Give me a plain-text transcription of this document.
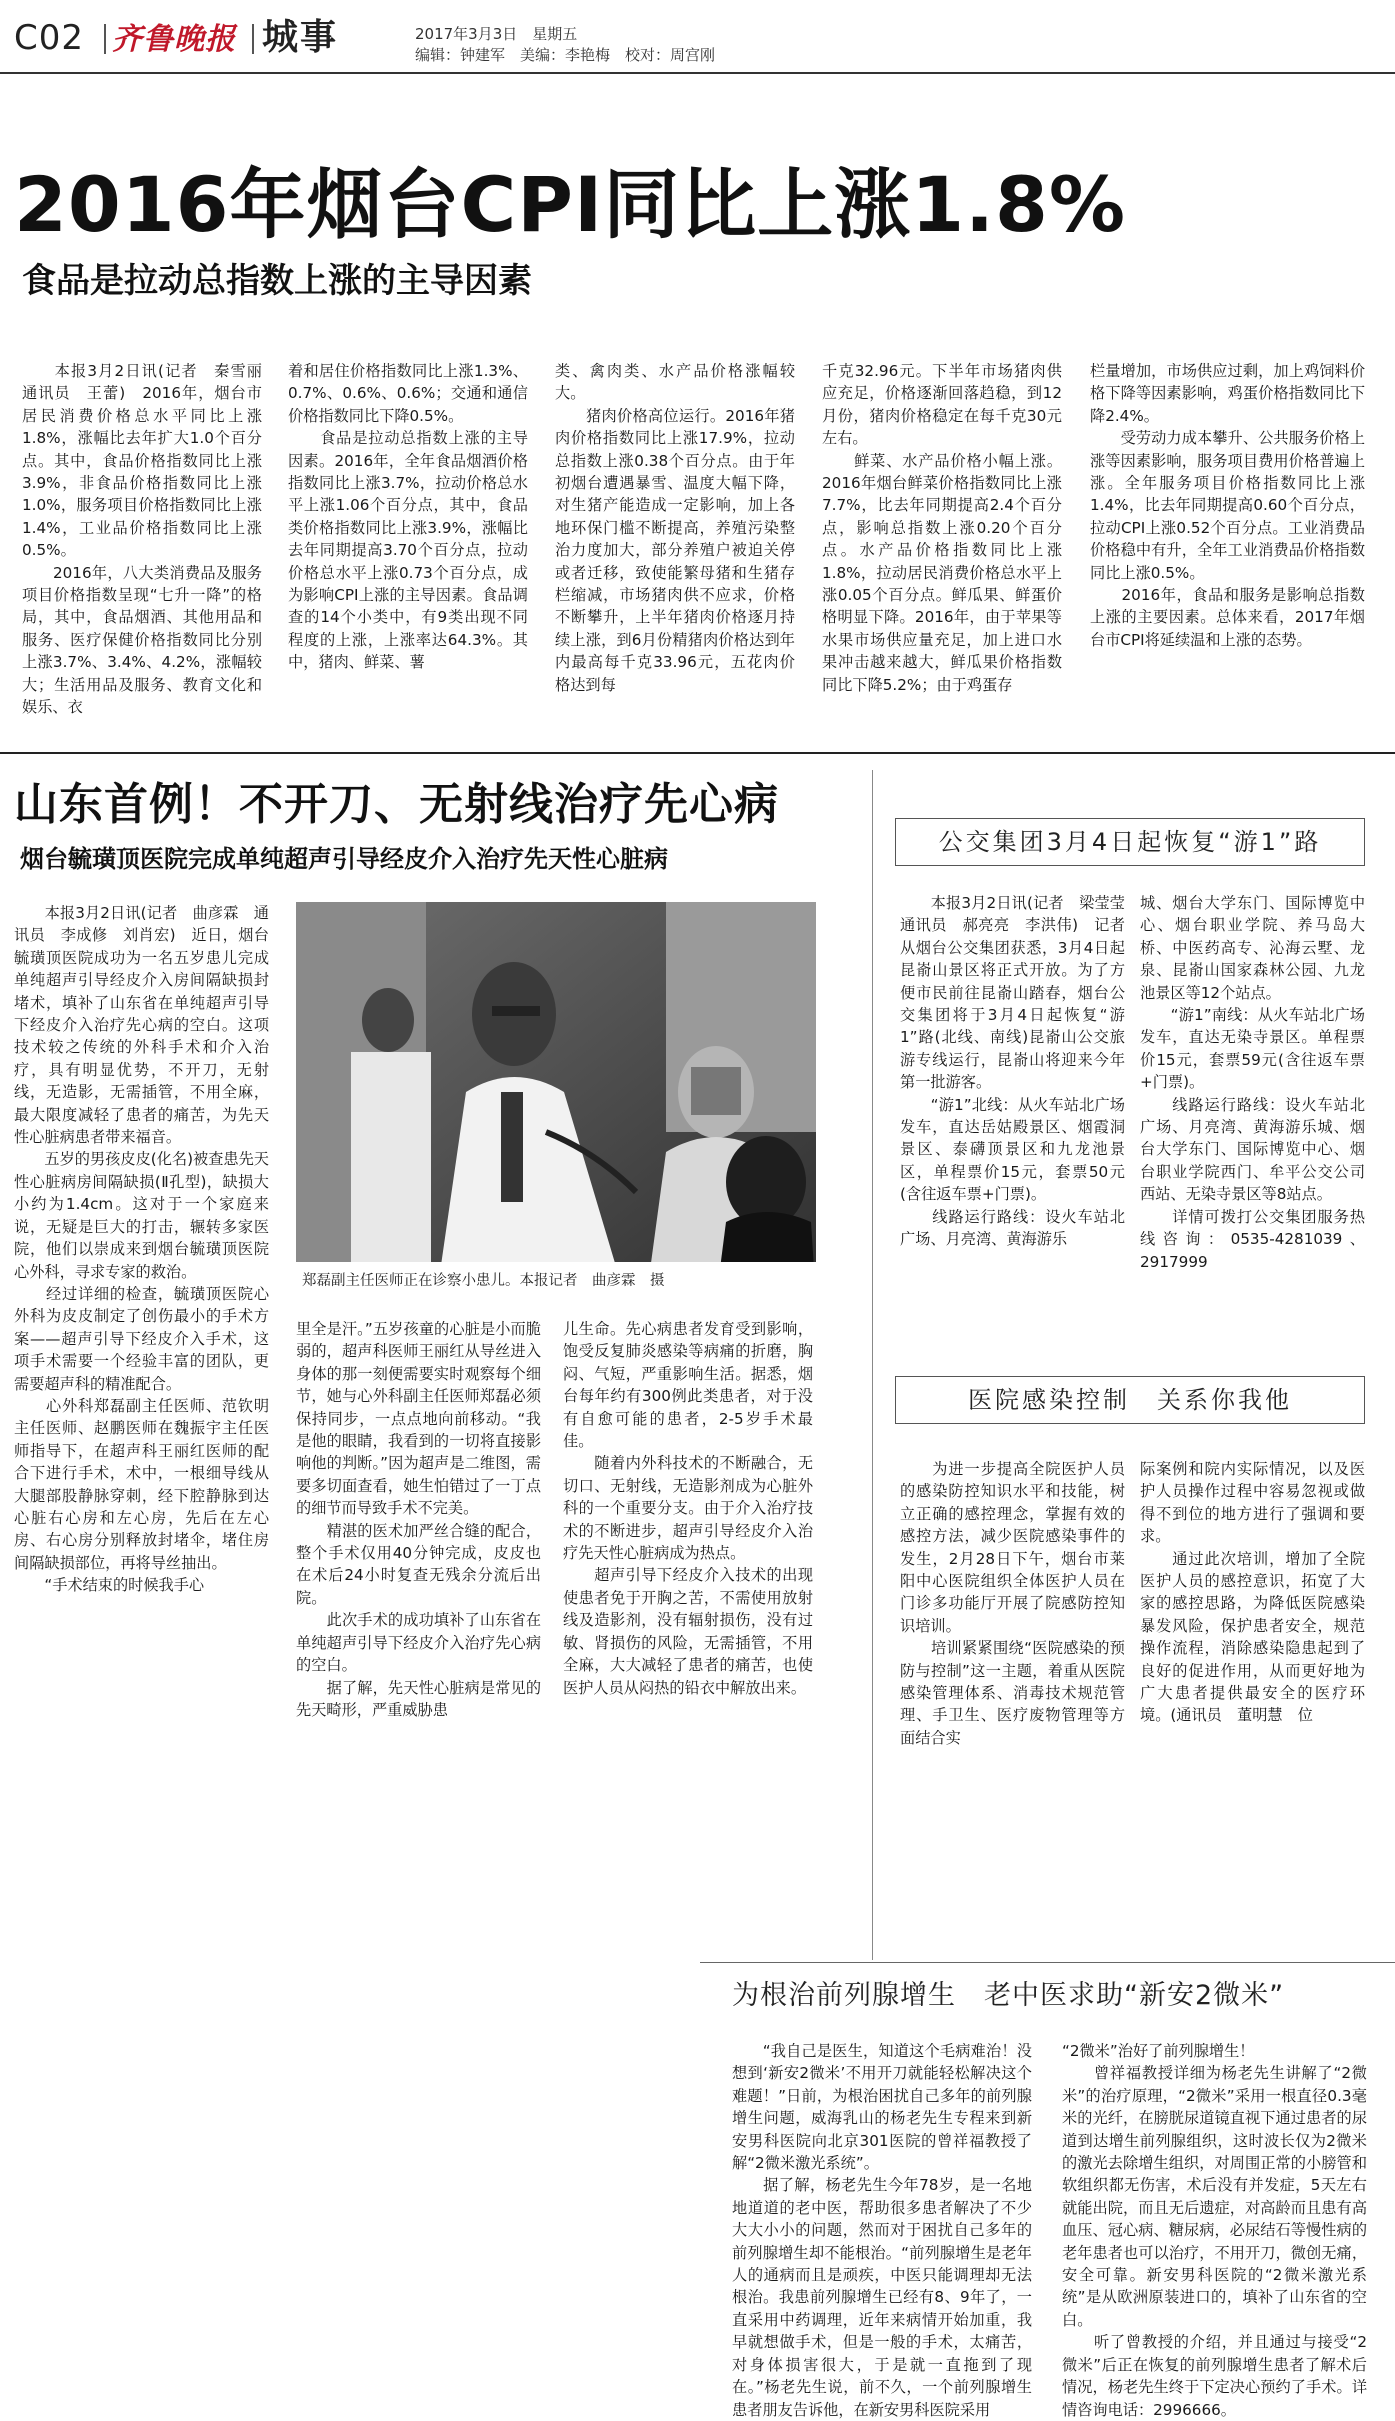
C02 齐鲁晚报 城事	2017年3月3日　星期五
编辑：钟建军　美编：李艳梅　校对：周宫刚
2016年烟台CPI同比上涨1.8%
食品是拉动总指数上涨的主导因素
　　本报3月2日讯(记者　秦雪丽　通讯员　王蕾)　2016年，烟台市居民消费价格总水平同比上涨1.8%，涨幅比去年扩大1.0个百分点。其中，食品价格指数同比上涨3.9%，非食品价格指数同比上涨1.0%，服务项目价格指数同比上涨1.4%，工业品价格指数同比上涨0.5%。
　　2016年，八大类消费品及服务项目价格指数呈现“七升一降”的格局，其中，食品烟酒、其他用品和服务、医疗保健价格指数同比分别上涨3.7%、3.4%、4.2%，涨幅较大；生活用品及服务、教育文化和娱乐、衣
着和居住价格指数同比上涨1.3%、0.7%、0.6%、0.6%；交通和通信价格指数同比下降0.5%。
　　食品是拉动总指数上涨的主导因素。2016年，全年食品烟酒价格指数同比上涨3.7%，拉动价格总水平上涨1.06个百分点，其中，食品类价格指数同比上涨3.9%，涨幅比去年同期提高3.70个百分点，拉动价格总水平上涨0.73个百分点，成为影响CPI上涨的主导因素。食品调查的14个小类中，有9类出现不同程度的上涨，上涨率达64.3%。其中，猪肉、鲜菜、薯
类、禽肉类、水产品价格涨幅较大。
　　猪肉价格高位运行。2016年猪肉价格指数同比上涨17.9%，拉动总指数上涨0.38个百分点。由于年初烟台遭遇暴雪、温度大幅下降，对生猪产能造成一定影响，加上各地环保门槛不断提高，养殖污染整治力度加大，部分养殖户被迫关停或者迁移，致使能繁母猪和生猪存栏缩减，市场猪肉供不应求，价格不断攀升，上半年猪肉价格逐月持续上涨，到6月份精猪肉价格达到年内最高每千克33.96元，五花肉价格达到每
千克32.96元。下半年市场猪肉供应充足，价格逐渐回落趋稳，到12月份，猪肉价格稳定在每千克30元左右。
　　鲜菜、水产品价格小幅上涨。2016年烟台鲜菜价格指数同比上涨7.7%，比去年同期提高2.4个百分点，影响总指数上涨0.20个百分点。水产品价格指数同比上涨1.8%，拉动居民消费价格总水平上涨0.05个百分点。鲜瓜果、鲜蛋价格明显下降。2016年，由于苹果等水果市场供应量充足，加上进口水果冲击越来越大，鲜瓜果价格指数同比下降5.2%；由于鸡蛋存
栏量增加，市场供应过剩，加上鸡饲料价格下降等因素影响，鸡蛋价格指数同比下降2.4%。
　　受劳动力成本攀升、公共服务价格上涨等因素影响，服务项目费用价格普遍上涨。全年服务项目价格指数同比上涨1.4%，比去年同期提高0.60个百分点，拉动CPI上涨0.52个百分点。工业消费品价格稳中有升，全年工业消费品价格指数同比上涨0.5%。
　　2016年，食品和服务是影响总指数上涨的主要因素。总体来看，2017年烟台市CPI将延续温和上涨的态势。
山东首例！不开刀、无射线治疗先心病
烟台毓璜顶医院完成单纯超声引导经皮介入治疗先天性心脏病
郑磊副主任医师正在诊察小患儿。本报记者　曲彦霖　摄
　　本报3月2日讯(记者　曲彦霖　通讯员　李成修　刘肖宏)　近日，烟台毓璜顶医院成功为一名五岁患儿完成单纯超声引导经皮介入房间隔缺损封堵术，填补了山东省在单纯超声引导下经皮介入治疗先心病的空白。这项技术较之传统的外科手术和介入治疗，具有明显优势，不开刀，无射线，无造影，无需插管，不用全麻，最大限度减轻了患者的痛苦，为先天性心脏病患者带来福音。
　　五岁的男孩皮皮(化名)被查患先天性心脏病房间隔缺损(Ⅱ孔型)，缺损大小约为1.4cm。这对于一个家庭来说，无疑是巨大的打击，辗转多家医院，他们以崇成来到烟台毓璜顶医院心外科，寻求专家的救治。
　　经过详细的检查，毓璜顶医院心外科为皮皮制定了创伤最小的手术方案——超声引导下经皮介入手术，这项手术需要一个经验丰富的团队，更需要超声科的精准配合。
　　心外科郑磊副主任医师、范钦明主任医师、赵鹏医师在魏振宇主任医师指导下，在超声科王丽红医师的配合下进行手术，术中，一根细导线从大腿部股静脉穿刺，经下腔静脉到达心脏右心房和左心房，先后在左心房、右心房分别释放封堵伞，堵住房间隔缺损部位，再将导丝抽出。
　　“手术结束的时候我手心
里全是汗。”五岁孩童的心脏是小而脆弱的，超声科医师王丽红从导丝进入身体的那一刻便需要实时观察每个细节，她与心外科副主任医师郑磊必须保持同步，一点点地向前移动。“我是他的眼睛，我看到的一切将直接影响他的判断。”因为超声是二维图，需要多切面查看，她生怕错过了一丁点的细节而导致手术不完美。
　　精湛的医术加严丝合缝的配合，整个手术仅用40分钟完成，皮皮也在术后24小时复查无残余分流后出院。
　　此次手术的成功填补了山东省在单纯超声引导下经皮介入治疗先心病的空白。
　　据了解，先天性心脏病是常见的先天畸形，严重威胁患
儿生命。先心病患者发育受到影响，饱受反复肺炎感染等病痛的折磨，胸闷、气短，严重影响生活。据悉，烟台每年约有300例此类患者，对于没有自愈可能的患者，2-5岁手术最佳。
　　随着内外科技术的不断融合，无切口、无射线，无造影剂成为心脏外科的一个重要分支。由于介入治疗技术的不断进步，超声引导经皮介入治疗先天性心脏病成为热点。
　　超声引导下经皮介入技术的出现使患者免于开胸之苦，不需使用放射线及造影剂，没有辐射损伤，没有过敏、肾损伤的风险，无需插管，不用全麻，大大减轻了患者的痛苦，也使医护人员从闷热的铅衣中解放出来。
公交集团3月4日起恢复“游1”路
　　本报3月2日讯(记者　梁莹莹　通讯员　郝亮亮　李洪伟)　记者从烟台公交集团获悉，3月4日起昆嵛山景区将正式开放。为了方便市民前往昆嵛山踏春，烟台公交集团将于3月4日起恢复“游1”路(北线、南线)昆嵛山公交旅游专线运行，昆嵛山将迎来今年第一批游客。
　　“游1”北线：从火车站北广场发车，直达岳姑殿景区、烟霞洞景区、泰礴顶景区和九龙池景区，单程票价15元，套票50元(含往返车票+门票)。
　　线路运行路线：设火车站北广场、月亮湾、黄海游乐
城、烟台大学东门、国际博览中心、烟台职业学院、养马岛大桥、中医药高专、沁海云墅、龙泉、昆嵛山国家森林公园、九龙池景区等12个站点。
　　“游1”南线：从火车站北广场发车，直达无染寺景区。单程票价15元，套票59元(含往返车票+门票)。
　　线路运行路线：设火车站北广场、月亮湾、黄海游乐城、烟台大学东门、国际博览中心、烟台职业学院西门、牟平公交公司西站、无染寺景区等8站点。
　　详情可拨打公交集团服务热线咨询：0535-4281039、2917999
医院感染控制　关系你我他
　　为进一步提高全院医护人员的感染防控知识水平和技能，树立正确的感控理念，掌握有效的感控方法，减少医院感染事件的发生，2月28日下午，烟台市莱阳中心医院组织全体医护人员在门诊多功能厅开展了院感防控知识培训。
　　培训紧紧围绕“医院感染的预防与控制”这一主题，着重从医院感染管理体系、消毒技术规范管理、手卫生、医疗废物管理等方面结合实
际案例和院内实际情况，以及医护人员操作过程中容易忽视或做得不到位的地方进行了强调和要求。
　　通过此次培训，增加了全院医护人员的感控意识，拓宽了大家的感控思路，为降低医院感染暴发风险，保护患者安全，规范操作流程，消除感染隐患起到了良好的促进作用，从而更好地为广大患者提供最安全的医疗环境。(通讯员　董明慧　位
为根治前列腺增生　老中医求助“新安2微米”
　　“我自己是医生，知道这个毛病难治！没想到‘新安2微米’不用开刀就能轻松解决这个难题！”日前，为根治困扰自己多年的前列腺增生问题，威海乳山的杨老先生专程来到新安男科医院向北京301医院的曾祥福教授了解“2微米激光系统”。
　　据了解，杨老先生今年78岁，是一名地地道道的老中医，帮助很多患者解决了不少大大小小的问题，然而对于困扰自己多年的前列腺增生却不能根治。“前列腺增生是老年人的通病而且是顽疾，中医只能调理却无法根治。我患前列腺增生已经有8、9年了，一直采用中药调理，近年来病情开始加重，我早就想做手术，但是一般的手术，太痛苦，对身体损害很大，于是就一直拖到了现在。”杨老先生说，前不久，一个前列腺增生患者朋友告诉他，在新安男科医院采用
“2微米”治好了前列腺增生！
　　曾祥福教授详细为杨老先生讲解了“2微米”的治疗原理，“2微米”采用一根直径0.3毫米的光纤，在膀胱尿道镜直视下通过患者的尿道到达增生前列腺组织，这时波长仅为2微米的激光去除增生组织，对周围正常的小膀管和软组织都无伤害，术后没有并发症，5天左右就能出院，而且无后遗症，对高龄而且患有高血压、冠心病、糖尿病，必尿结石等慢性病的老年患者也可以治疗，不用开刀，微创无痛，安全可靠。新安男科医院的“2微米激光系统”是从欧洲原装进口的，填补了山东省的空白。
　　听了曾教授的介绍，并且通过与接受“2微米”后正在恢复的前列腺增生患者了解术后情况，杨老先生终于下定决心预约了手术。详情咨询电话：2996666。
